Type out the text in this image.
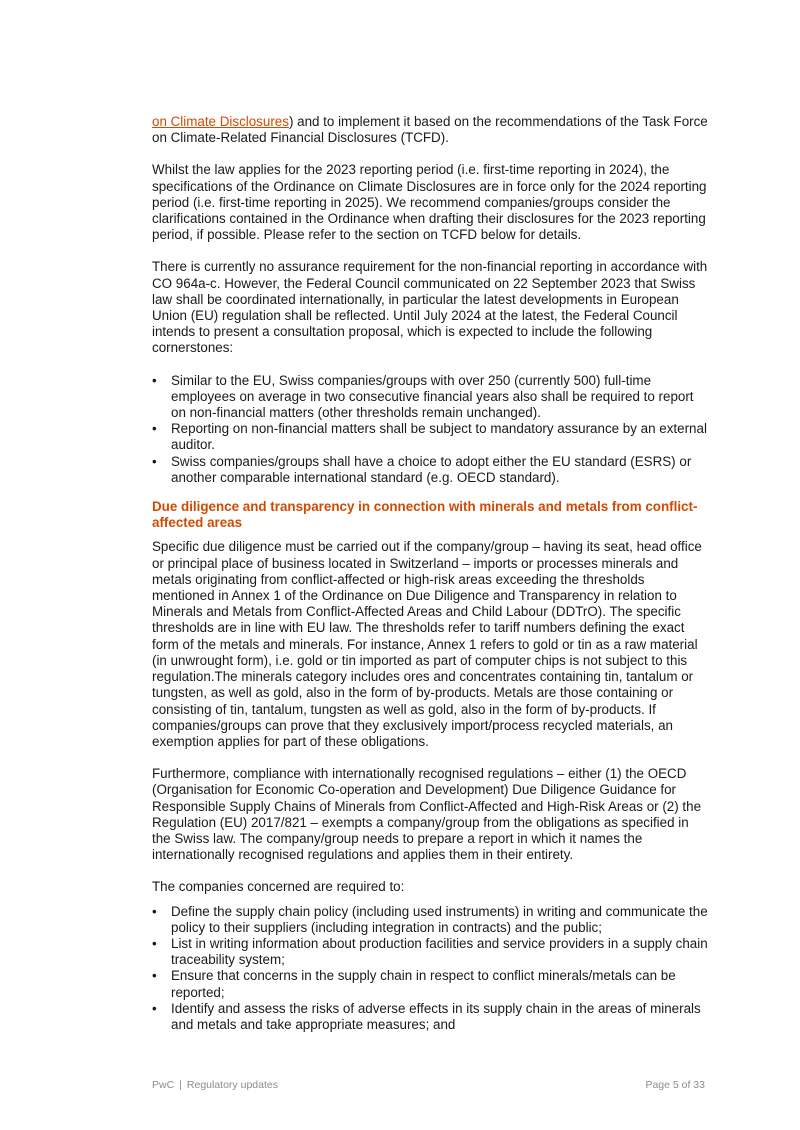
on Climate Disclosures) and to implement it based on the recommendations of the Task Force on Climate-Related Financial Disclosures (TCFD).

Whilst the law applies for the 2023 reporting period (i.e. first-time reporting in 2024), the specifications of the Ordinance on Climate Disclosures are in force only for the 2024 reporting period (i.e. first-time reporting in 2025). We recommend companies/groups consider the clarifications contained in the Ordinance when drafting their disclosures for the 2023 reporting period, if possible. Please refer to the section on TCFD below for details.

There is currently no assurance requirement for the non-financial reporting in accordance with CO 964a-c. However, the Federal Council communicated on 22 September 2023 that Swiss law shall be coordinated internationally, in particular the latest developments in European Union (EU) regulation shall be reflected. Until July 2024 at the latest, the Federal Council intends to present a consultation proposal, which is expected to include the following cornerstones:

• Similar to the EU, Swiss companies/groups with over 250 (currently 500) full-time employees on average in two consecutive financial years also shall be required to report on non-financial matters (other thresholds remain unchanged).
• Reporting on non-financial matters shall be subject to mandatory assurance by an external auditor.
• Swiss companies/groups shall have a choice to adopt either the EU standard (ESRS) or another comparable international standard (e.g. OECD standard).
Due diligence and transparency in connection with minerals and metals from conflict-affected areas

Specific due diligence must be carried out if the company/group – having its seat, head office or principal place of business located in Switzerland – imports or processes minerals and metals originating from conflict-affected or high-risk areas exceeding the thresholds mentioned in Annex 1 of the Ordinance on Due Diligence and Transparency in relation to Minerals and Metals from Conflict-Affected Areas and Child Labour (DDTrO). The specific thresholds are in line with EU law. The thresholds refer to tariff numbers defining the exact form of the metals and minerals. For instance, Annex 1 refers to gold or tin as a raw material (in unwrought form), i.e. gold or tin imported as part of computer chips is not subject to this regulation.The minerals category includes ores and concentrates containing tin, tantalum or tungsten, as well as gold, also in the form of by-products. Metals are those containing or consisting of tin, tantalum, tungsten as well as gold, also in the form of by-products. If companies/groups can prove that they exclusively import/process recycled materials, an exemption applies for part of these obligations.

Furthermore, compliance with internationally recognised regulations – either (1) the OECD (Organisation for Economic Co-operation and Development) Due Diligence Guidance for Responsible Supply Chains of Minerals from Conflict-Affected and High-Risk Areas or (2) the Regulation (EU) 2017/821 – exempts a company/group from the obligations as specified in the Swiss law. The company/group needs to prepare a report in which it names the internationally recognised regulations and applies them in their entirety.

The companies concerned are required to:

• Define the supply chain policy (including used instruments) in writing and communicate the policy to their suppliers (including integration in contracts) and the public;
• List in writing information about production facilities and service providers in a supply chain traceability system;
• Ensure that concerns in the supply chain in respect to conflict minerals/metals can be reported;
• Identify and assess the risks of adverse effects in its supply chain in the areas of minerals and metals and take appropriate measures; and
PwC | Regulatory updates	Page 5 of 33
